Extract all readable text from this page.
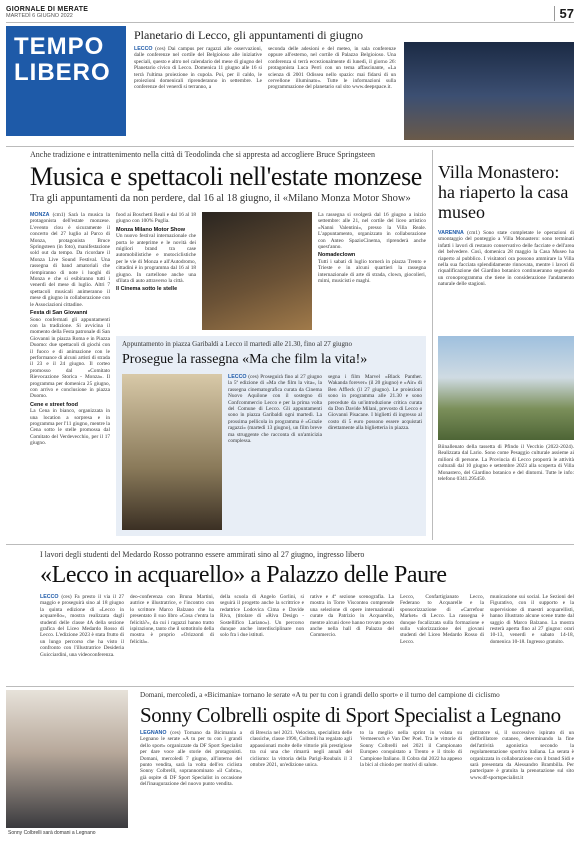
GIORNALE DI MERATE
MARTEDÌ 6 GIUGNO 2022	57
TEMPO
LIBERO
Planetario di Lecco, gli appuntamenti di giugno
LECCO (ces) Dai campus per ragazzi alle osservazioni, dalle conferenze nel cortile del Belgioioso alle iniziative speciali, questo e altro nel calendario del mese di giugno del Planetario civico di Lecco. Domenica 11 giugno alle 16 si terrà l'ultima proiezione in cupola. Poi, per il caldo, le proiezioni domenicali riprenderanno in settembre. Le conferenze del venerdì si terranno, a
seconda delle adesioni e del meteo, in sala conferenze oppure all'esterno, nel cortile di Palazzo Belgioioso. Una conferenza si terrà eccezionalmente di lunedì, il giorno 26: protagonista Luca Perri con un tema affascinante, «La scienza di 2001 Odissea nello spazio: mai fidarsi di un cervellone illuminato». Tutte le informazioni sulla programmazione del planetario sul sito www.deepspace.it.
Anche tradizione e intrattenimento nella città di Teodolinda che si appresta ad accogliere Bruce Springsteen
Musica e spettacoli nell'estate monzese
Tra gli appuntamenti da non perdere, dal 16 al 18 giugno, il «Milano Monza Motor Show»
MONZA (cm1) Sarà la musica la protagonista dell'estate monzese. L'evento clou è sicuramente il concerto del 27 luglio al Parco di Monza, protagonista Bruce Springsteen (in foto), manifestazione sold out da tempo. Da ricordare il Monza Live Sound Festival. Una rassegna di band amatoriali che riempiranno di note i luoghi di Monza e che si esibiranno tutti i venerdì del mese di luglio. Altri 7 spettacoli musicali animeranno il mese di giugno in collaborazione con le Associazioni cittadine.
Festa di San Giovanni
Sono confermati gli appuntamenti con la tradizione. Si avvicina il momento della Festa patronale di San Giovanni in piazza Roma e in Piazza Duomo: due spettacoli di giochi con il fuoco e di animazione con le performance di alcuni artisti di strada il 23 e il 24 giugno. Il corteo promosso dal «Comitato Rievocazione Storica - Monza». Il programma per domenica 25 giugno, con arrivo e conclusione in piazza Duomo.
Cene e street food
La Cena in bianco, organizzata in una location a sorpresa e in programma per l'11 giugno, mentre la Cena sotto le stelle promossa dal Comitato del Verdevecchio, per il 17 giugno.
food ai Boschetti Reali e dal 16 al 18 giugno con 100% Puglia.
Monza Milano Motor Show
Un nuovo festival internazionale che porta le anteprime e le novità dei migliori brand tra case automobilistiche e motociclistiche per le vie di Monza e all'Autodromo, cittadini è in programma dal 16 al 18 giugno. In cartellone anche una sfilata di auto attraverso la città.
Il Cinema sotto le stelle
La rassegna si svolgerà dal 16 giugno a inizio settembre: alle 21, nel cortile del liceo artistico «Nanni Valentini», presso la Villa Reale. L'appuntamento, organizzato in collaborazione con Anteo SpazioCinema, riprenderà anche quest'anno.
Nomadeclown
Tutti i sabati di luglio tornerà in piazza Trento e Trieste e in alcuni quartieri la rassegna internazionale di arte di strada, clown, giocolieri, mimi, musicisti e maghi.
Villa Monastero: ha riaperto la casa museo
VARENNA (cm1) Sono state completate le operazioni di smontaggio del ponteggio a Villa Monastero: sono terminati infatti i lavori di restauro conservativo delle facciate e dell'area del belvedere. Così, domenica 28 maggio la Casa Museo ha riaperto al pubblico. I visitatori ora possono ammirare la Villa nella sua facciata splendidamente rinnovata, mentre i lavori di riqualificazione del Giardino botanico continueranno seguendo un cronoprogramma che tiene in considerazione l'andamento naturale delle stagioni.
Biinallenato della tassetta di Pfindo il Vecchio (2022-2024). Realizzata dal Lario. Sono come Pesaggio culturale assieme ai milioni di persone. La Provincia di Lecco proporrà le attività culturali dal 10 giugno e settembre 2023 alla scoperta di Villa Monastero, del Giardino botanico e del dintorni. Tutte le info: telefono 0341.295450.
Appuntamento in piazza Garibaldi a Lecco il martedì alle 21.30, fino al 27 giugno
Prosegue la rassegna «Ma che film la vita!»
LECCO (ces) Proseguirà fino al 27 giugno la 5ª edizione di «Ma che film la vita», la rassegna cinematografica curata da Cinema Nuovo Aquilone con il sostegno di Confcommercio Lecco e per la prima volta del Comune di Lecco. Gli appuntamenti sono in piazza Garibaldi ogni martedì. La prossima pellicola in programma è «Grazie ragazzi» (martedì 13 giugno), un film breve ma struggente che racconta di un'amicizia complessa.
segna i film Marvel «Black Panther. Wakanda forever» (il 20 giugno) e «Air» di Ben Affleck (il 27 giugno). Le proiezioni sono in programma alle 21.30 e sono precedute da un'introduzione critica curata da Don Davide Milani, prevosto di Lecco e Giovanni Pisacane. I biglietti di ingresso al costo di 5 euro possono essere acquistati direttamente alla biglietteria in piazza.
I lavori degli studenti del Medardo Rosso potranno essere ammirati sino al 27 giugno, ingresso libero
«Lecco in acquarello» a Palazzo delle Paure
LECCO (ces) Fa presto il via il 27 maggio e proseguirà sino al 18 giugno la quinta edizione di «Lecco in acquarello», mostra realizzata dagli studenti delle classe 4A della sezione grafica del Liceo Medardo Rosso di Lecco. L'edizione 2023 è stata frutto di un lungo percorso che ha visto il confronto con l'illustratrice Desideria Guicciardini, una videoconferenza.
deo-conferenza con Bruna Martini, autrice e illustratrice, e l'incontro con lo scrittore Marco Balzano che ha presentato il suo libro «Cosa c'entra la felicità?», da cui i ragazzi hanno tratto ispirazione, tanto che il sottotitolo della mostra è proprio «Orizzonti di felicità».
della scuola di Angelo Gorlini, si seguirà il progetto anche la scrittrice e redattrice Lodovica Cima e Davide Riva, (titolare di «Riva Design - Sostellifico Lariano»). Un percorso dunque anche interdisciplinare non solo fra i due istituti.
rative e 4ª sezione scenografia. La mostra in Torre Viscontea comprende una selezione di opere internazionali curate da Patrizio in Acquarello, mentre alcuni dove hanno trovato posto anche nella hall di Palazzo del Commercio.
Lecco, Confartigianato Lecco, Federano to Acquarelle e la sponsorizzazione di «Carrefour Market» di Lecco. La rassegna è dunque focalizzata sulla formazione e sulla valorizzazione dei giovani studenti del Liceo Medardo Rosso di Lecco.
municazione sui social. Le Sezioni del Figurativo, con il supporto e la supervisione di maestri acquarellisti, hanno illustrato alcune scene tratte dal saggio di Marco Balzano. La mostra resterà aperta fino al 27 giugno: orari 10-13, venerdì e sabato 14-18, domenica 10-18. Ingresso gratuito.
Sonny Colbrelli sarà domani a Legnano
Domani, mercoledì, a «Bicimania» tornano le serate «A tu per tu con i grandi dello sport» e il turno del campione di ciclismo
Sonny Colbrelli ospite di Sport Specialist a Legnano
LEGNANO (ces) Tornano da Bicimania a Legnano le serate «A tu per tu con i grandi dello sport» organizzate da DF Sport Specialist per dare voce alle storie dei protagonisti. Domani, mercoledì 7 giugno, all'interno del punto vendita, sarà la volta dell'ex ciclista Sonny Colbrelli, soprannominato «il Cobra», già ospite di DF Sport Specialist in occasione dell'inaugurazione del nuovo punto vendita.
di Brescia nel 2021. Velocista, specialista delle classiche, classe 1990, Colbrelli ha regalato agli appassionati molte delle vittorie più prestigiose tra cui una che rimarrà negli annali del ciclismo: la vittoria della Parigi-Roubaix il 3 ottobre 2021, un'edizione unica.
to la meglio nella sprint in volata su Vermeersch e Van Der Poel. Tra le vittorie di Sonny Colbrelli nel 2021 il Campionato Europeo conquistato a Trento e il titolo di Campione Italiano. Il Cobra dal 2022 ha appeso la bici al chiodo per motivi di salute.
gistratore si, il successivo ispirato di un defibrillatore cutaneo, determinando la fine dell'attività agonistica secondo la regolamentazione sportiva italiana. La serata è organizzata in collaborazione con il brand Sidi e sarà presentata da Alessandro Brambilla. Per partecipare è gratuita la prenotazione sul sito www.df-sportspecialist.it
